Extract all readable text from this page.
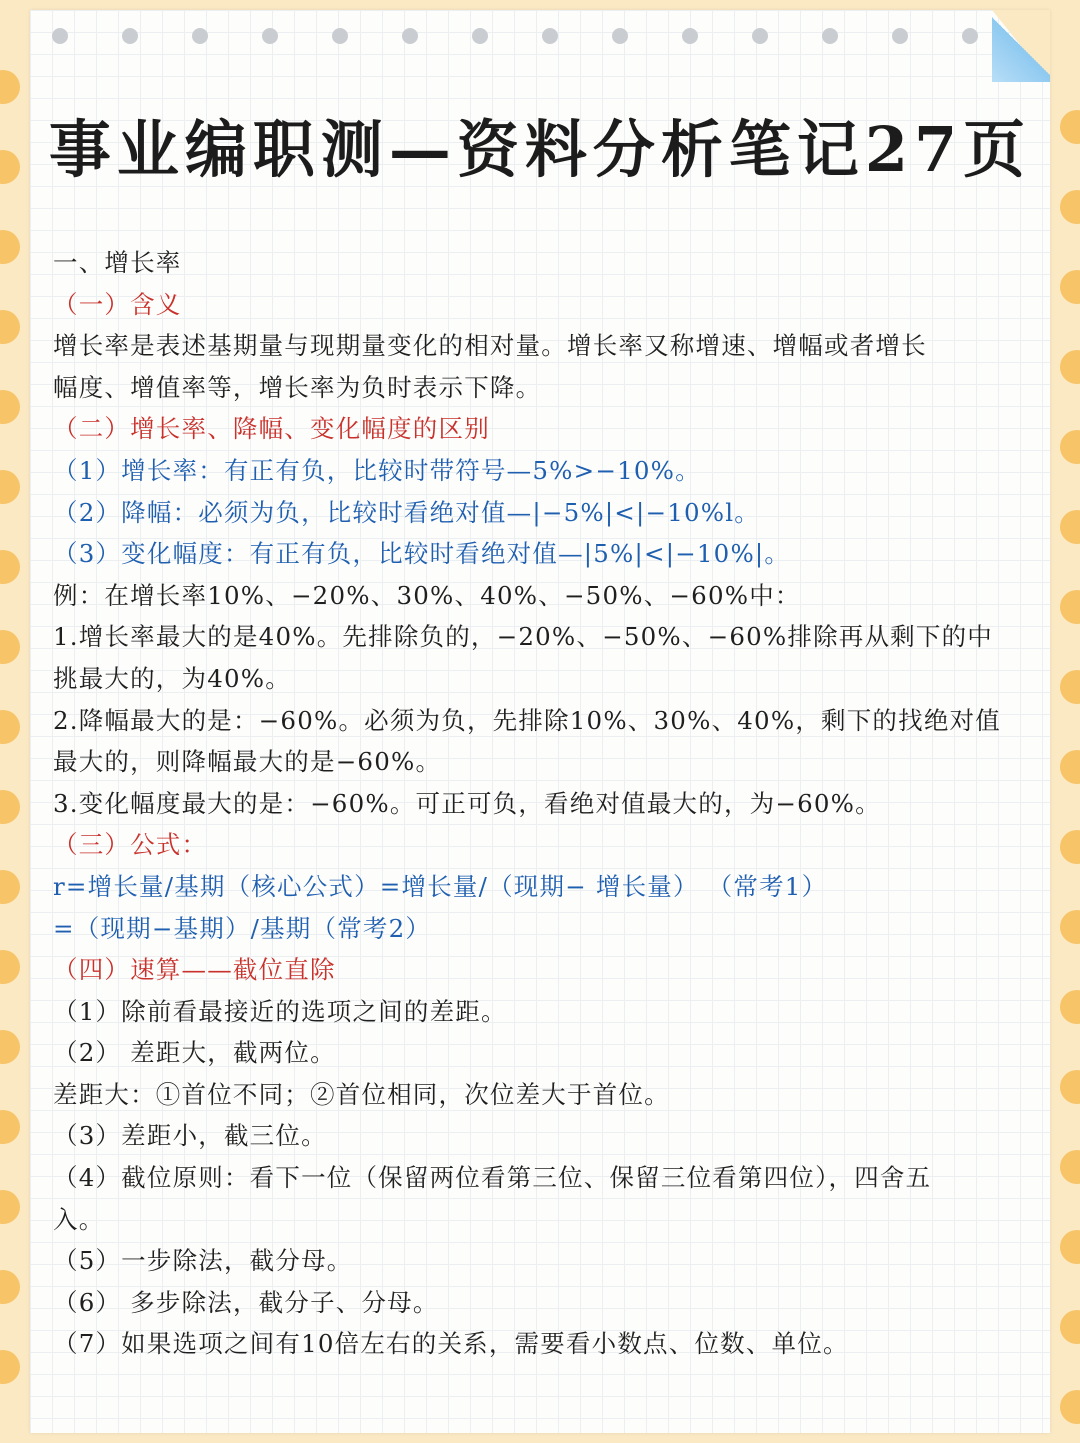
事业编职测—资料分析笔记27页
一、增长率
（一）含义
增长率是表述基期量与现期量变化的相对量。增长率又称增速、增幅或者增长
幅度、增值率等，增长率为负时表示下降。
（二）增长率、降幅、变化幅度的区别
（1）增长率：有正有负，比较时带符号—5%>−10%。
（2）降幅：必须为负，比较时看绝对值—|−5%|<|−10%l。
（3）变化幅度：有正有负，比较时看绝对值—|5%|<|−10%|。
例：在增长率10%、−20%、30%、40%、−50%、−60%中：
1.增长率最大的是40%。先排除负的，−20%、−50%、−60%排除再从剩下的中
挑最大的，为40%。
2.降幅最大的是：−60%。必须为负，先排除10%、30%、40%，剩下的找绝对值
最大的，则降幅最大的是−60%。
3.变化幅度最大的是：−60%。可正可负，看绝对值最大的，为−60%。
（三）公式：
r=增长量/基期（核心公式）=增长量/（现期− 增长量） （常考1）
=（现期−基期）/基期（常考2）
（四）速算——截位直除
（1）除前看最接近的选项之间的差距。
（2） 差距大，截两位。
差距大：①首位不同；②首位相同，次位差大于首位。
（3）差距小，截三位。
（4）截位原则：看下一位（保留两位看第三位、保留三位看第四位），四舍五
入。
（5）一步除法，截分母。
（6） 多步除法，截分子、分母。
（7）如果选项之间有10倍左右的关系，需要看小数点、位数、单位。
